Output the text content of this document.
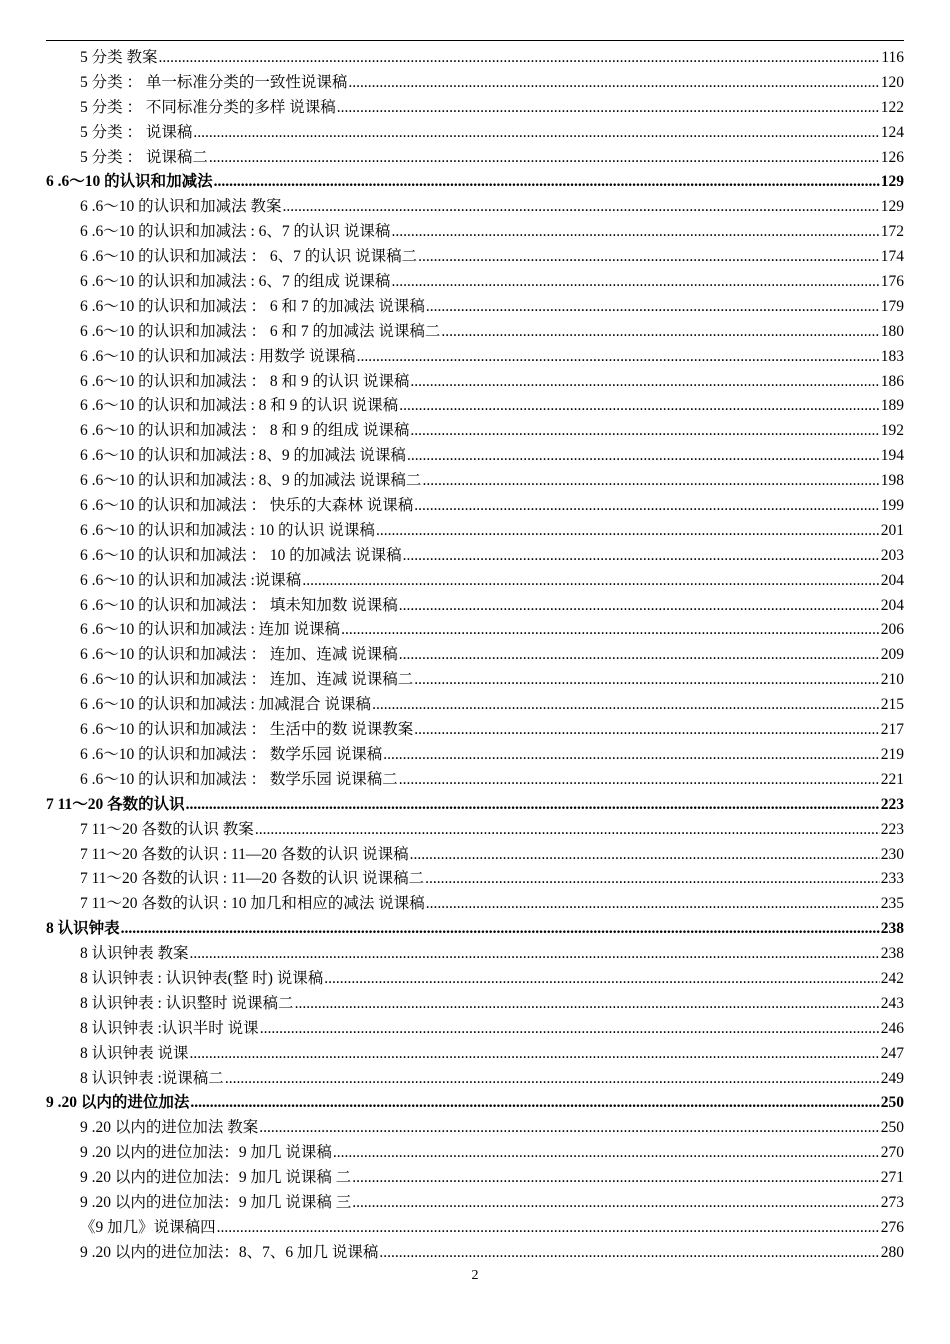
5 分类 教案 .....	116
5 分类 ： 单一标准分类的一致性说课稿 .....	120
5 分类 ： 不同标准分类的多样 说课稿 .....	122
5 分类 ： 说课稿 .....	124
5 分类 ： 说课稿二 .....	126
6 .6～10 的认识和加减法 .....	129
6 .6～10 的认识和加减法 教案 .....	129
6 .6～10 的认识和加减法 : 6、7 的认识 说课稿 .....	172
6 .6～10 的认识和加减法 ： 6、7 的认识 说课稿二 .....	174
6 .6～10 的认识和加减法 : 6、7 的组成 说课稿 .....	176
6 .6～10 的认识和加减法 ： 6 和 7 的加减法 说课稿 .....	179
6 .6～10 的认识和加减法 ： 6 和 7 的加减法 说课稿二 .....	180
6 .6～10 的认识和加减法 : 用数学 说课稿 .....	183
6 .6～10 的认识和加减法 ： 8 和 9 的认识 说课稿 .....	186
6 .6～10 的认识和加减法 : 8 和 9 的认识 说课稿 .....	189
6 .6～10 的认识和加减法 ： 8 和 9 的组成 说课稿 .....	192
6 .6～10 的认识和加减法 : 8、9 的加减法 说课稿 .....	194
6 .6～10 的认识和加减法 : 8、9 的加减法 说课稿二 .....	198
6 .6～10 的认识和加减法 ： 快乐的大森林 说课稿 .....	199
6 .6～10 的认识和加减法 : 10 的认识 说课稿 .....	201
6 .6～10 的认识和加减法 ： 10 的加减法 说课稿 .....	203
6 .6～10 的认识和加减法 :说课稿 .....	204
6 .6～10 的认识和加减法 ： 填未知加数 说课稿 .....	204
6 .6～10 的认识和加减法 : 连加 说课稿 .....	206
6 .6～10 的认识和加减法 ： 连加、连减 说课稿 .....	209
6 .6～10 的认识和加减法 ： 连加、连减 说课稿二 .....	210
6 .6～10 的认识和加减法 : 加减混合 说课稿 .....	215
6 .6～10 的认识和加减法 ： 生活中的数 说课教案 .....	217
6 .6～10 的认识和加减法 ： 数学乐园 说课稿 .....	219
6 .6～10 的认识和加减法 ： 数学乐园 说课稿二 .....	221
7 11～20 各数的认识 .....	223
7 11～20 各数的认识 教案 .....	223
7 11～20 各数的认识 : 11—20 各数的认识 说课稿 .....	230
7 11～20 各数的认识 : 11—20 各数的认识 说课稿二 .....	233
7 11～20 各数的认识 : 10 加几和相应的减法 说课稿 .....	235
8 认识钟表 .....	238
8 认识钟表 教案 .....	238
8 认识钟表 : 认识钟表(整 时) 说课稿 .....	242
8 认识钟表 : 认识整时 说课稿二 .....	243
8 认识钟表 :认识半时 说课 .....	246
8 认识钟表 说课 .....	247
8 认识钟表 :说课稿二 .....	249
9 .20 以内的进位加法 .....	250
9 .20 以内的进位加法 教案 .....	250
9 .20 以内的进位加法：9 加几 说课稿 .....	270
9 .20 以内的进位加法：9 加几 说课稿 二 .....	271
9 .20 以内的进位加法：9 加几 说课稿 三 .....	273
《9 加几》说课稿四 .....	276
9 .20 以内的进位加法：8、7、6 加几 说课稿 .....	280
2
